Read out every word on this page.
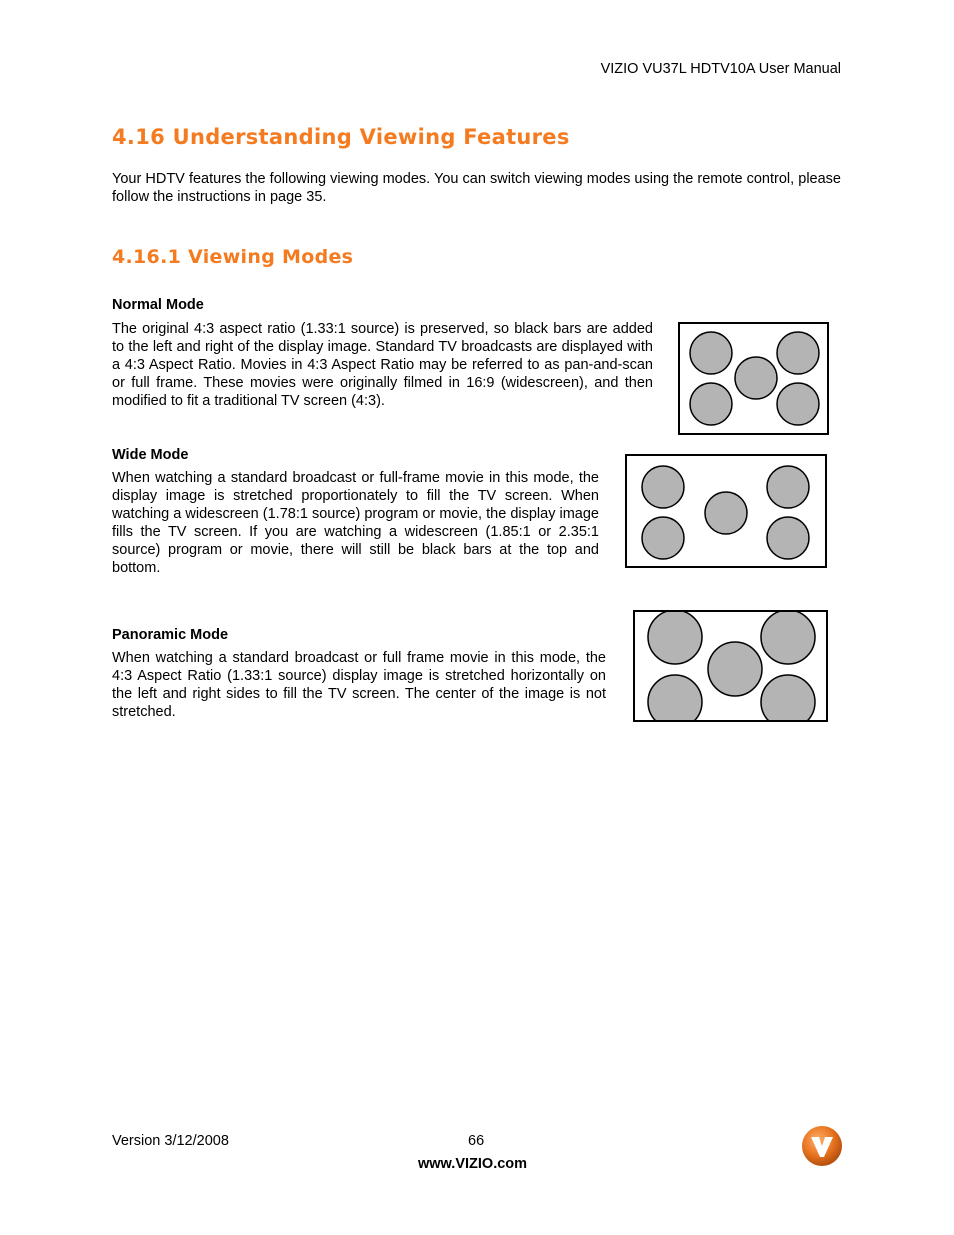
VIZIO VU37L HDTV10A User Manual
4.16 Understanding Viewing Features

Your HDTV features the following viewing modes. You can switch viewing modes using the remote control, please follow the instructions in page 35.

4.16.1 Viewing Modes
Normal Mode

The original 4:3 aspect ratio (1.33:1 source) is preserved, so black bars are added to the left and right of the display image. Standard TV broadcasts are displayed with a 4:3 Aspect Ratio. Movies in 4:3 Aspect Ratio may be referred to as pan-and-scan or full frame. These movies were originally filmed in 16:9 (widescreen), and then modified to fit a traditional TV screen (4:3).

Wide Mode

When watching a standard broadcast or full-frame movie in this mode, the display image is stretched proportionately to fill the TV screen. When watching a widescreen (1.78:1 source) program or movie, the display image fills the TV screen. If you are watching a widescreen (1.85:1 or 2.35:1 source) program or movie, there will still be black bars at the top and bottom.

Panoramic Mode

When watching a standard broadcast or full frame movie in this mode, the 4:3 Aspect Ratio (1.33:1 source) display image is stretched horizontally on the left and right sides to fill the TV screen. The center of the image is not stretched.

Version 3/12/2008	66
www.VIZIO.com
